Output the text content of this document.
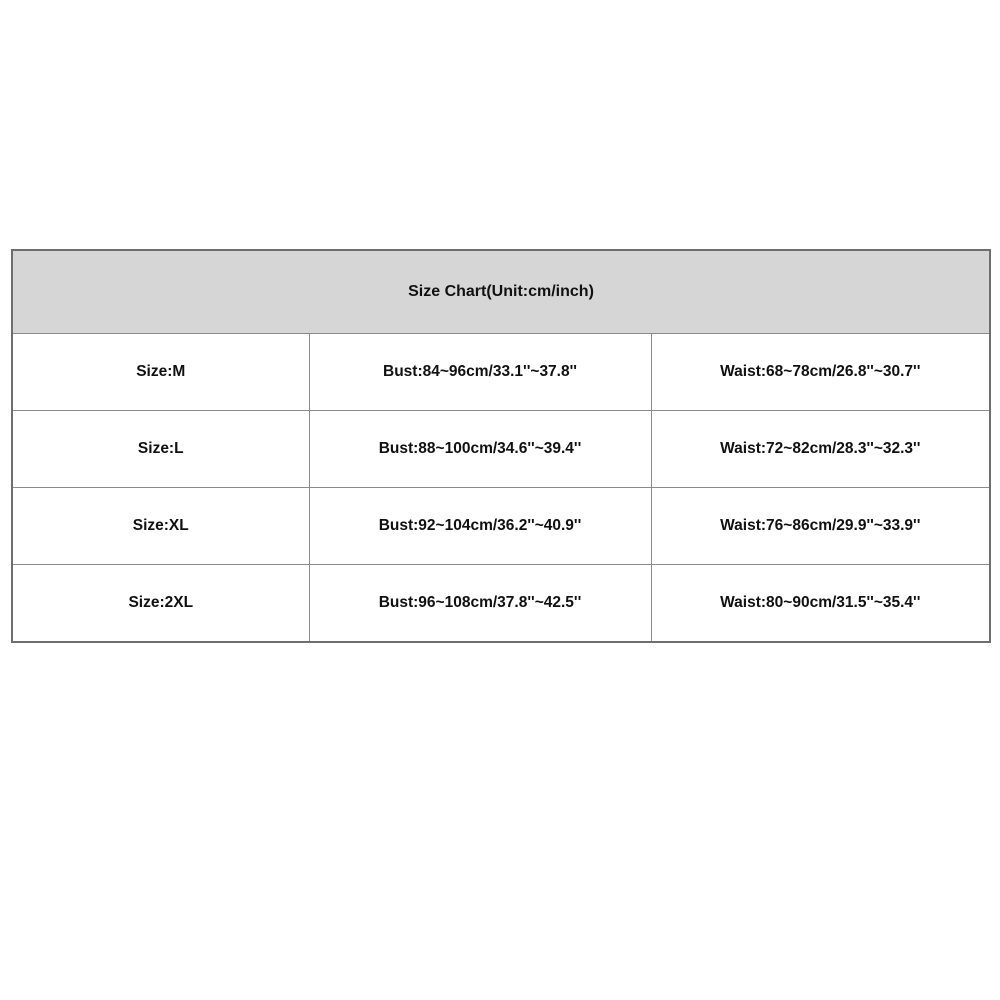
Size Chart(Unit:cm/inch)		
Size:M	Bust:84~96cm/33.1''~37.8''	Waist:68~78cm/26.8''~30.7''
Size:L	Bust:88~100cm/34.6''~39.4''	Waist:72~82cm/28.3''~32.3''
Size:XL	Bust:92~104cm/36.2''~40.9''	Waist:76~86cm/29.9''~33.9''
Size:2XL	Bust:96~108cm/37.8''~42.5''	Waist:80~90cm/31.5''~35.4''
